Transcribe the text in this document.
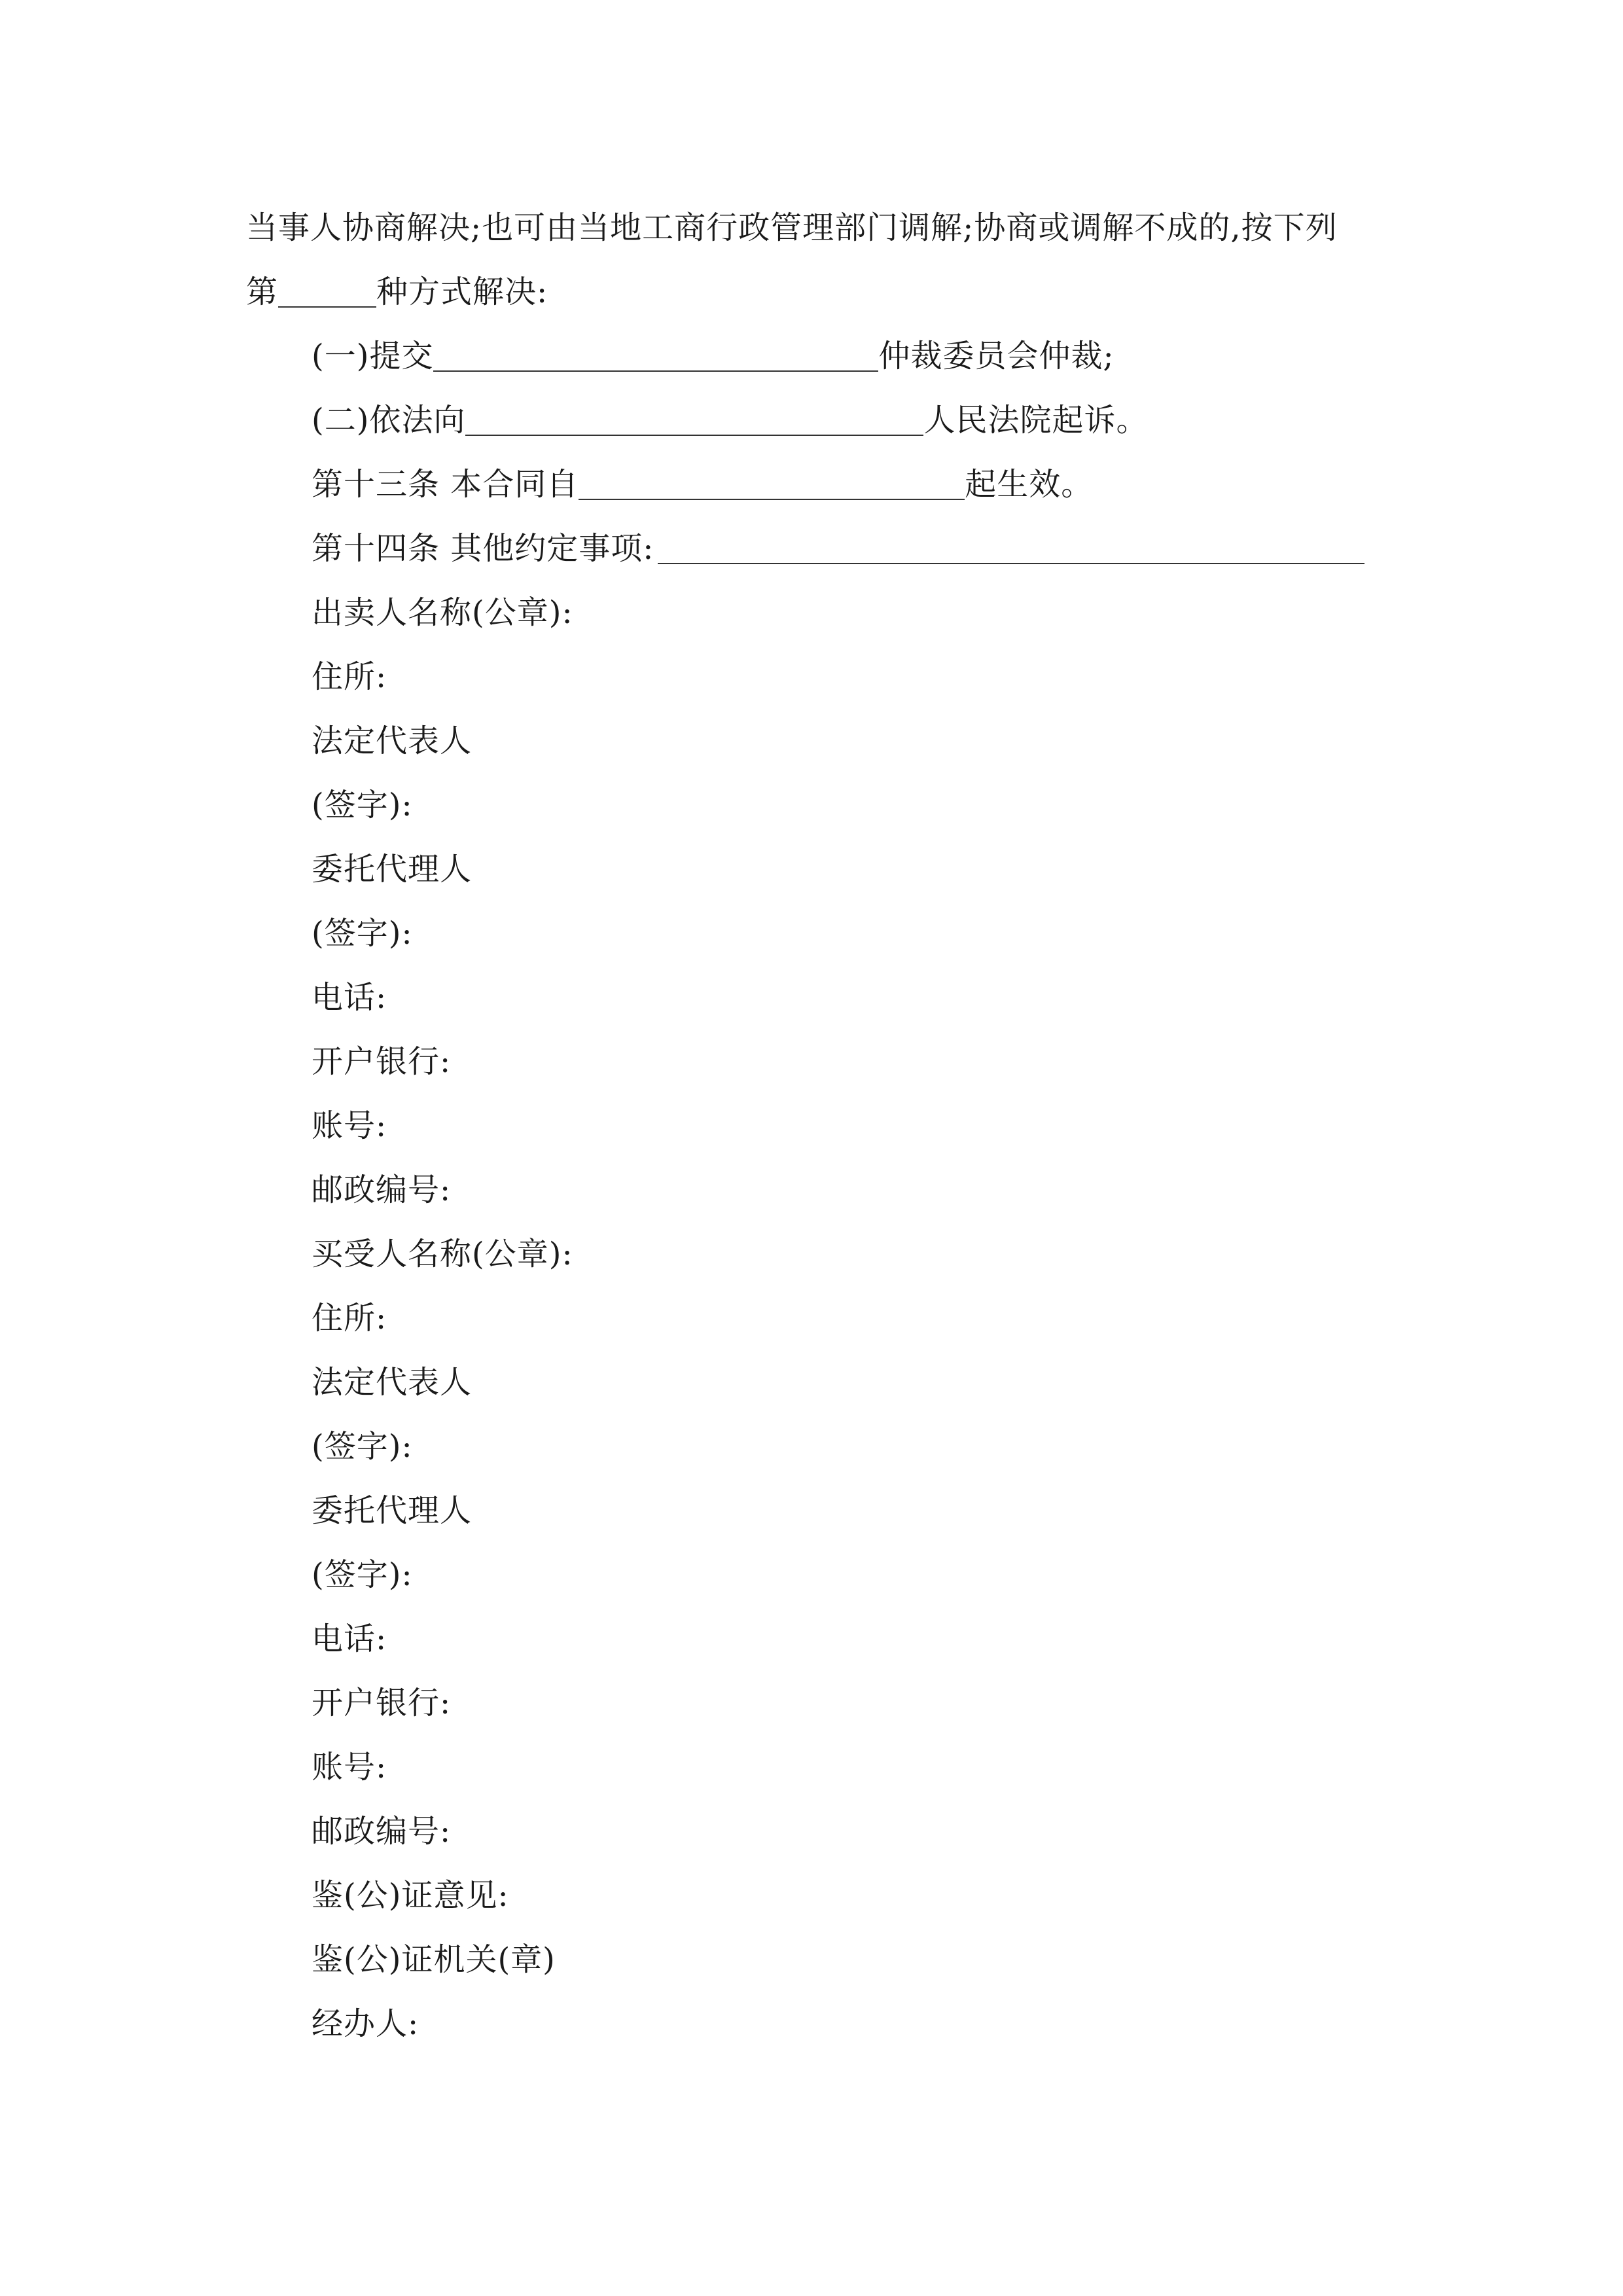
当事人协商解决;也可由当地工商行政管理部门调解;协商或调解不成的,按下列
第	种方式解决:
(一)提交	仲裁委员会仲裁;
(二)依法向	人民法院起诉。
第十三条 本合同自	起生效。
第十四条 其他约定事项:
出卖人名称(公章):
住所:
法定代表人
(签字):
委托代理人
(签字):
电话:
开户银行:
账号:
邮政编号:
买受人名称(公章):
住所:
法定代表人
(签字):
委托代理人
(签字):
电话:
开户银行:
账号:
邮政编号:
鉴(公)证意见:
鉴(公)证机关(章)
经办人:
